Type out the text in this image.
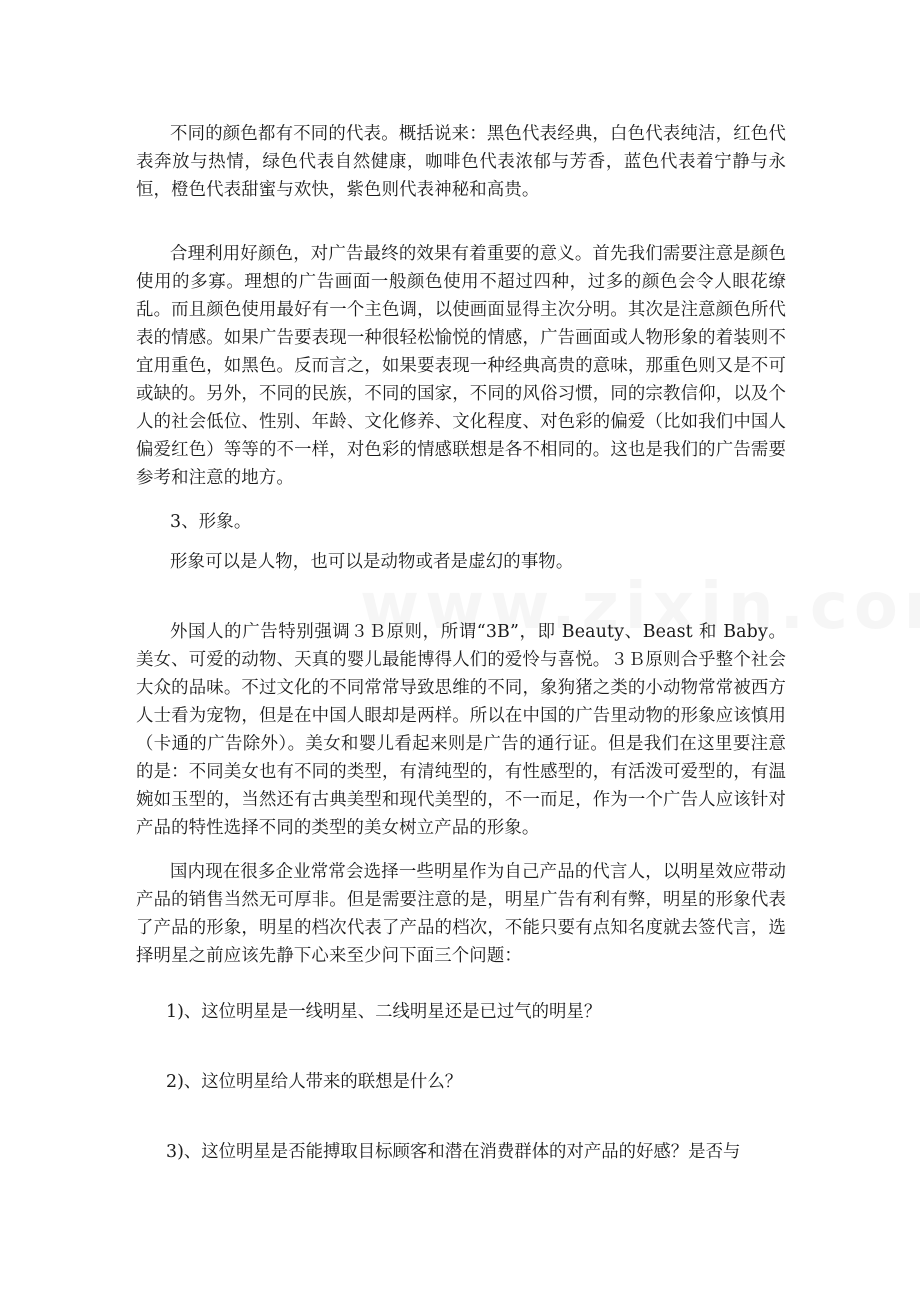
不同的颜色都有不同的代表。概括说来：黑色代表经典，白色代表纯洁，红色代表奔放与热情，绿色代表自然健康，咖啡色代表浓郁与芳香，蓝色代表着宁静与永恒，橙色代表甜蜜与欢快，紫色则代表神秘和高贵。

合理利用好颜色，对广告最终的效果有着重要的意义。首先我们需要注意是颜色使用的多寡。理想的广告画面一般颜色使用不超过四种，过多的颜色会令人眼花缭乱。而且颜色使用最好有一个主色调，以使画面显得主次分明。其次是注意颜色所代表的情感。如果广告要表现一种很轻松愉悦的情感，广告画面或人物形象的着装则不宜用重色，如黑色。反而言之，如果要表现一种经典高贵的意味，那重色则又是不可或缺的。另外，不同的民族，不同的国家，不同的风俗习惯，同的宗教信仰，以及个人的社会低位、性别、年龄、文化修养、文化程度、对色彩的偏爱（比如我们中国人偏爱红色）等等的不一样，对色彩的情感联想是各不相同的。这也是我们的广告需要参考和注意的地方。

3、形象。

形象可以是人物，也可以是动物或者是虚幻的事物。

外国人的广告特别强调３Ｂ原则，所谓“3B”，即 Beauty、Beast 和 Baby。美女、可爱的动物、天真的婴儿最能博得人们的爱怜与喜悦。３Ｂ原则合乎整个社会大众的品味。不过文化的不同常常导致思维的不同，象狗猪之类的小动物常常被西方人士看为宠物，但是在中国人眼却是两样。所以在中国的广告里动物的形象应该慎用（卡通的广告除外）。美女和婴儿看起来则是广告的通行证。但是我们在这里要注意的是：不同美女也有不同的类型，有清纯型的，有性感型的，有活泼可爱型的，有温婉如玉型的，当然还有古典美型和现代美型的，不一而足，作为一个广告人应该针对产品的特性选择不同的类型的美女树立产品的形象。

国内现在很多企业常常会选择一些明星作为自己产品的代言人，以明星效应带动产品的销售当然无可厚非。但是需要注意的是，明星广告有利有弊，明星的形象代表了产品的形象，明星的档次代表了产品的档次，不能只要有点知名度就去签代言，选择明星之前应该先静下心来至少问下面三个问题：

1)、这位明星是一线明星、二线明星还是已过气的明星？

2)、这位明星给人带来的联想是什么？

3)、这位明星是否能搏取目标顾客和潜在消费群体的对产品的好感？是否与
